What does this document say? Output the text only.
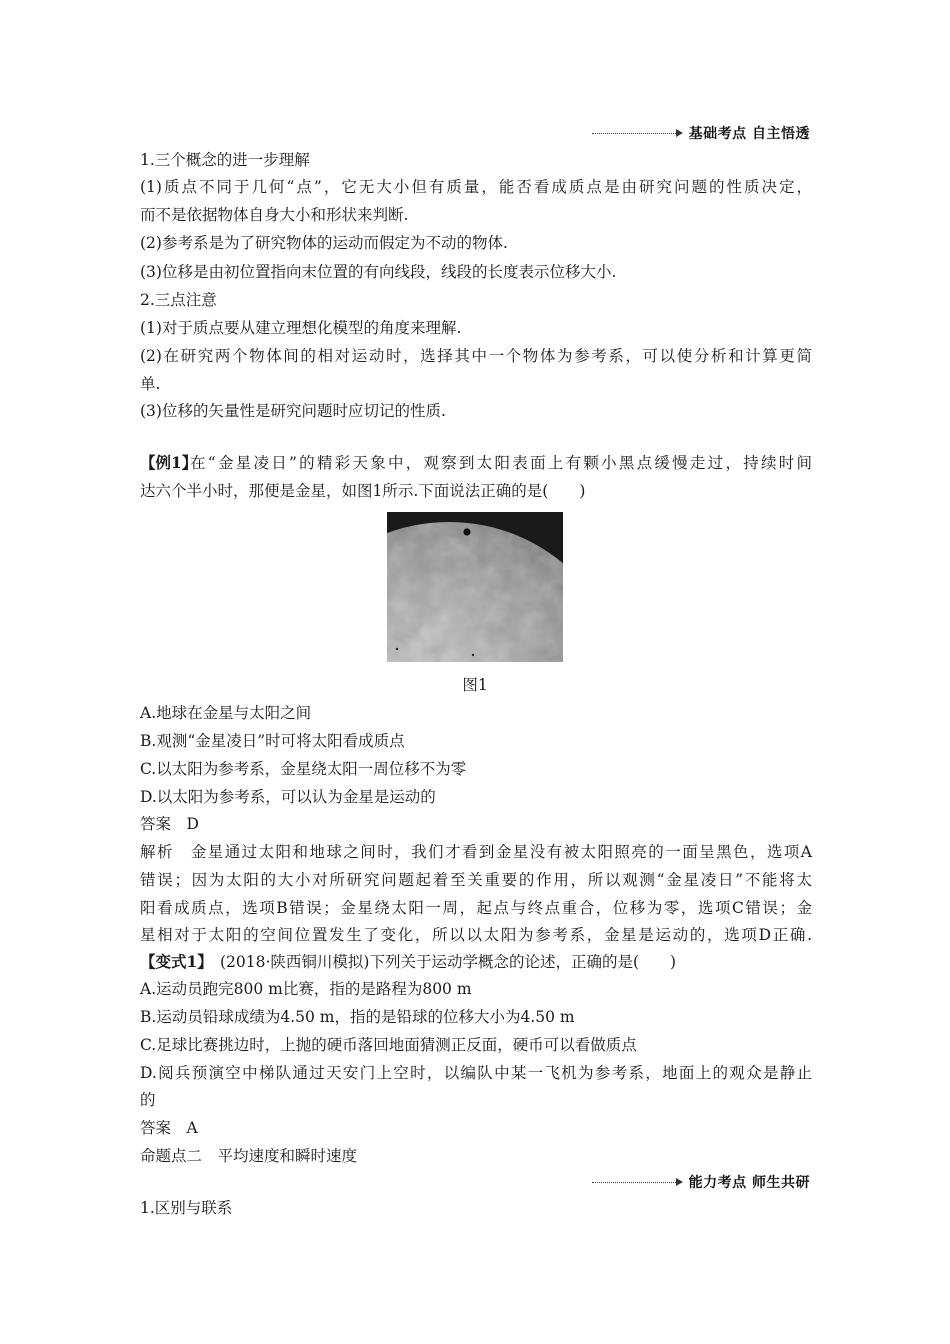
基础考点 自主悟透
1.三个概念的进一步理解
(1)质点不同于几何“点”，它无大小但有质量，能否看成质点是由研究问题的性质决定，
而不是依据物体自身大小和形状来判断.
(2)参考系是为了研究物体的运动而假定为不动的物体.
(3)位移是由初位置指向末位置的有向线段，线段的长度表示位移大小.
2.三点注意
(1)对于质点要从建立理想化模型的角度来理解.
(2)在研究两个物体间的相对运动时，选择其中一个物体为参考系，可以使分析和计算更简
单.
(3)位移的矢量性是研究问题时应切记的性质.
【例1】
在“金星凌日”的精彩天象中，观察到太阳表面上有颗小黑点缓慢走过，持续时间
达六个半小时，那便是金星，如图1所示.下面说法正确的是(　　)
图1
A.地球在金星与太阳之间
B.观测“金星凌日”时可将太阳看成质点
C.以太阳为参考系，金星绕太阳一周位移不为零
D.以太阳为参考系，可以认为金星是运动的
答案　D
解析　金星通过太阳和地球之间时，我们才看到金星没有被太阳照亮的一面呈黑色，选项A
错误；因为太阳的大小对所研究问题起着至关重要的作用，所以观测“金星凌日”不能将太
阳看成质点，选项B错误；金星绕太阳一周，起点与终点重合，位移为零，选项C错误；金
星相对于太阳的空间位置发生了变化，所以以太阳为参考系，金星是运动的，选项D正确.
【变式1】 (2018·陕西铜川模拟)下列关于运动学概念的论述，正确的是(　　)
A.运动员跑完800 m比赛，指的是路程为800 m
B.运动员铅球成绩为4.50 m，指的是铅球的位移大小为4.50 m
C.足球比赛挑边时，上抛的硬币落回地面猜测正反面，硬币可以看做质点
D.阅兵预演空中梯队通过天安门上空时，以编队中某一飞机为参考系，地面上的观众是静止
的
答案　A
命题点二　平均速度和瞬时速度
能力考点 师生共研
1.区别与联系
